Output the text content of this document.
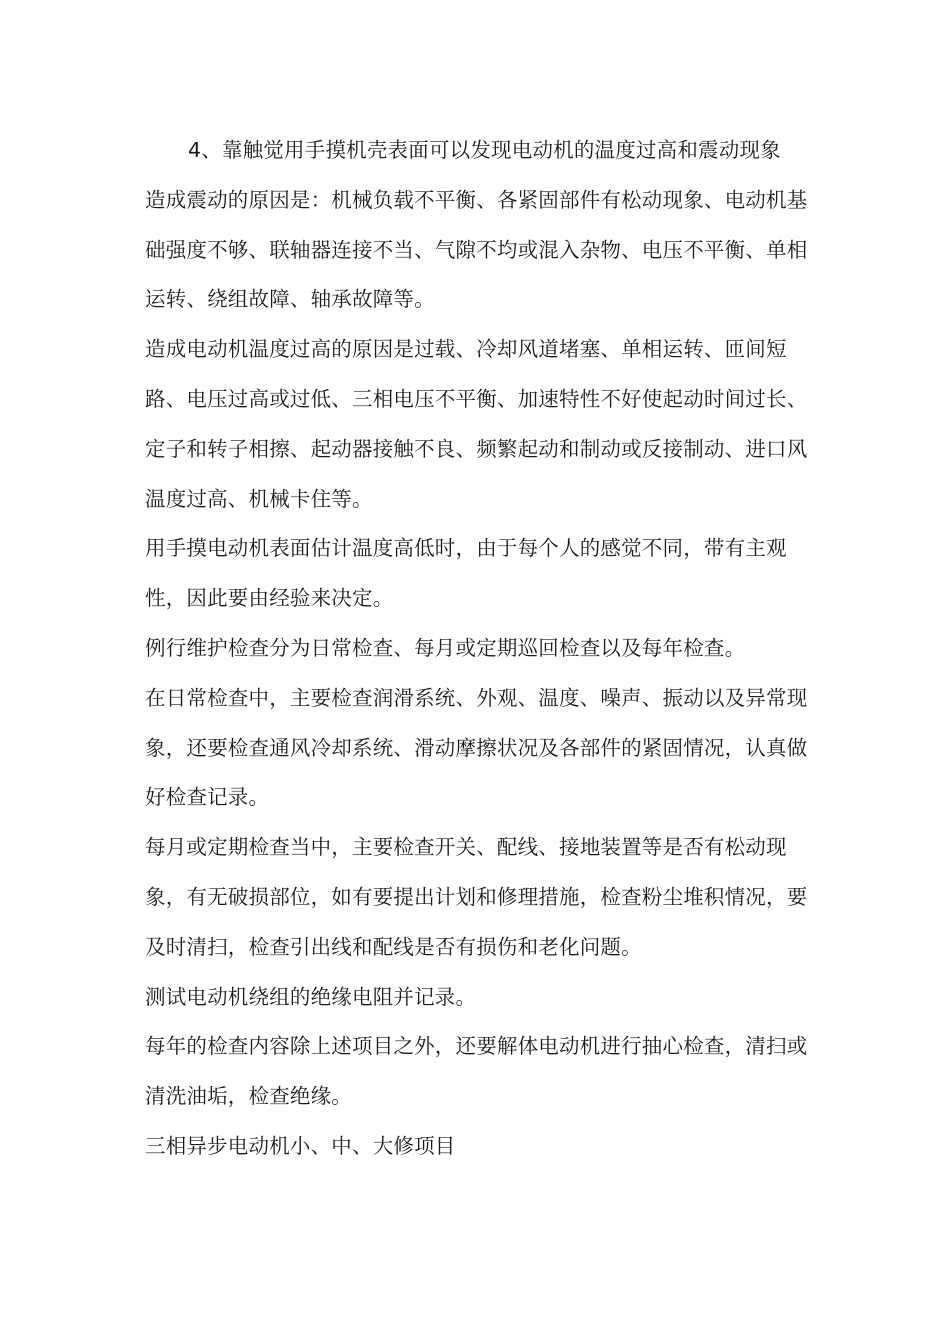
4、靠触觉用手摸机壳表面可以发现电动机的温度过高和震动现象

造成震动的原因是：机械负载不平衡、各紧固部件有松动现象、电动机基础强度不够、联轴器连接不当、气隙不均或混入杂物、电压不平衡、单相运转、绕组故障、轴承故障等。

造成电动机温度过高的原因是过载、冷却风道堵塞、单相运转、匝间短路、电压过高或过低、三相电压不平衡、加速特性不好使起动时间过长、定子和转子相擦、起动器接触不良、频繁起动和制动或反接制动、进口风温度过高、机械卡住等。

用手摸电动机表面估计温度高低时，由于每个人的感觉不同，带有主观性，因此要由经验来决定。

例行维护检查分为日常检查、每月或定期巡回检查以及每年检查。

在日常检查中，主要检查润滑系统、外观、温度、噪声、振动以及异常现象，还要检查通风冷却系统、滑动摩擦状况及各部件的紧固情况，认真做好检查记录。

每月或定期检查当中，主要检查开关、配线、接地装置等是否有松动现象，有无破损部位，如有要提出计划和修理措施，检查粉尘堆积情况，要及时清扫，检查引出线和配线是否有损伤和老化问题。

测试电动机绕组的绝缘电阻并记录。

每年的检查内容除上述项目之外，还要解体电动机进行抽心检查，清扫或清洗油垢，检查绝缘。

三相异步电动机小、中、大修项目
